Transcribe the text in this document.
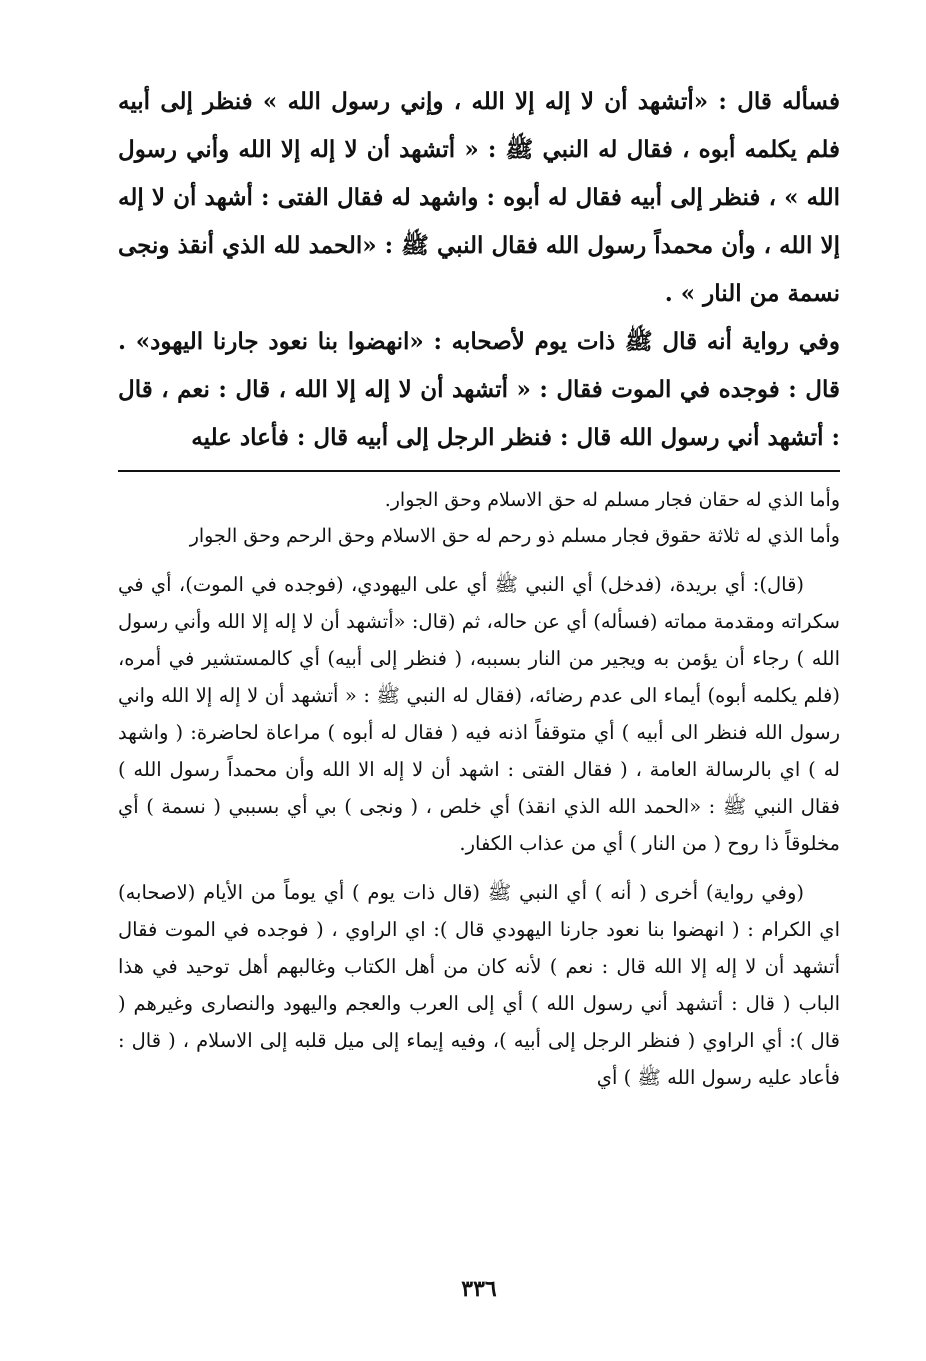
فسأله قال : «أتشهد أن لا إله إلا الله ، وإني رسول الله » فنظر إلى أبيه فلم يكلمه أبوه ، فقال له النبي ﷺ : « أتشهد أن لا إله إلا الله وأني رسول الله » ، فنظر إلى أبيه فقال له أبوه : واشهد له فقال الفتى : أشهد أن لا إله إلا الله ، وأن محمداً رسول الله فقال النبي ﷺ : «الحمد لله الذي أنقذ ونجى نسمة من النار » .

وفي رواية أنه قال ﷺ ذات يوم لأصحابه : «انهضوا بنا نعود جارنا اليهود» . قال : فوجده في الموت فقال : « أتشهد أن لا إله إلا الله ، قال : نعم ، قال : أتشهد أني رسول الله قال : فنظر الرجل إلى أبيه قال : فأعاد عليه

وأما الذي له حقان فجار مسلم له حق الاسلام وحق الجوار.

وأما الذي له ثلاثة حقوق فجار مسلم ذو رحم له حق الاسلام وحق الرحم وحق الجوار

(قال): أي بريدة، (فدخل) أي النبي ﷺ أي على اليهودي، (فوجده في الموت)، أي في سكراته ومقدمة مماته (فسأله) أي عن حاله، ثم (قال: «أتشهد أن لا إله إلا الله وأني رسول الله ) رجاء أن يؤمن به ويجير من النار بسببه، ( فنظر إلى أبيه) أي كالمستشير في أمره، (فلم يكلمه أبوه) أيماء الى عدم رضائه، (فقال له النبي ﷺ : « أتشهد أن لا إله إلا الله واني رسول الله فنظر الى أبيه ) أي متوقفاً اذنه فيه ( فقال له أبوه ) مراعاة لحاضرة: ( واشهد له ) اي بالرسالة العامة ، ( فقال الفتى : اشهد أن لا إله الا الله وأن محمداً رسول الله ) فقال النبي ﷺ : «الحمد الله الذي انقذ) أي خلص ، ( ونجى ) بي أي بسببي ( نسمة ) أي مخلوقاً ذا روح ( من النار ) أي من عذاب الكفار.

(وفي رواية) أخرى ( أنه ) أي النبي ﷺ (قال ذات يوم ) أي يوماً من الأيام (لاصحابه) اي الكرام : ( انهضوا بنا نعود جارنا اليهودي قال ): اي الراوي ، ( فوجده في الموت فقال أتشهد أن لا إله إلا الله قال : نعم ) لأنه كان من أهل الكتاب وغالبهم أهل توحيد في هذا الباب ( قال : أتشهد أني رسول الله ) أي إلى العرب والعجم واليهود والنصارى وغيرهم ( قال ): أي الراوي ( فنظر الرجل إلى أبيه )، وفيه إيماء إلى ميل قلبه إلى الاسلام ، ( قال : فأعاد عليه رسول الله ﷺ ) أي

٣٣٦
